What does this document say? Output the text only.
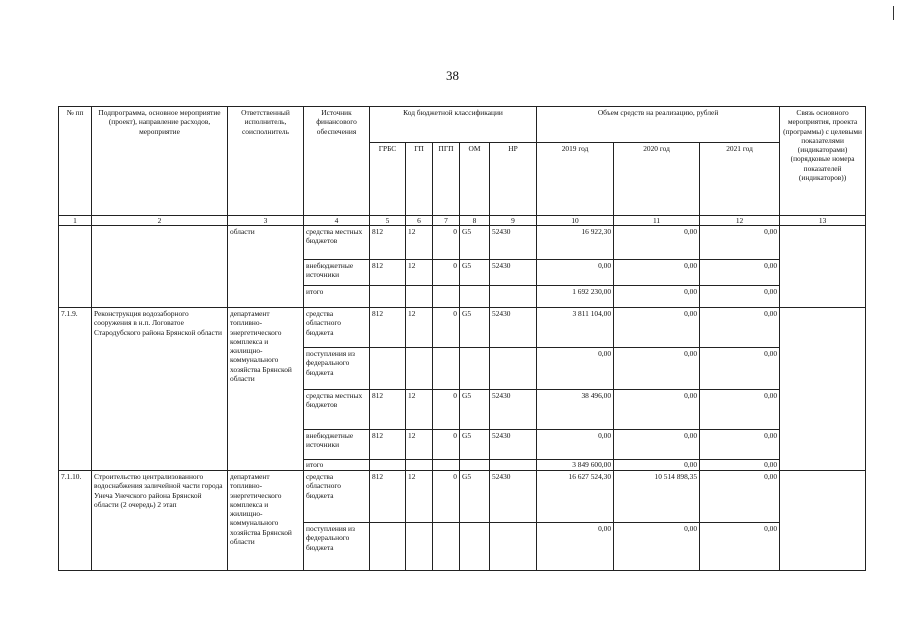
38
№ пп	Подпрограмма, основное мероприятие (проект), направление расходов, мероприятие	Ответственный исполнитель, соисполнитель	Источник финансового обеспечения	Код бюджетной классификации					Объем средств на реализацию, рублей			Связь основного мероприятия, проекта (программы) с целевыми показателями (индикаторами) (порядковые номера показателей (индикаторов))
				ГРБС	ГП	ПГП	ОМ	НР	2019 год	2020 год	2021 год	
1	2	3	4	5	6	7	8	9	10	11	12	13
		области	средства местных бюджетов	812	12	0	G5	52430	16 922,30	0,00	0,00	
			внебюджетные источники	812	12	0	G5	52430	0,00	0,00	0,00	
			итого						1 692 230,00	0,00	0,00	
7.1.9.	Реконструкция водозаборного сооружения в н.п. Логоватое Стародубского района Брянской области	департамент топливно-энергетического комплекса и жилищно-коммунального хозяйства Брянской области	средства областного бюджета	812	12	0	G5	52430	3 811 104,00	0,00	0,00	
			поступления из федерального бюджета						0,00	0,00	0,00	
			средства местных бюджетов	812	12	0	G5	52430	38 496,00	0,00	0,00	
			внебюджетные источники	812	12	0	G5	52430	0,00	0,00	0,00	
			итого						3 849 600,00	0,00	0,00	
7.1.10.	Строительство централизованного водоснабжения заличейной части города Унеча Унечского района Брянской области (2 очередь) 2 этап	департамент топливно-энергетического комплекса и жилищно-коммунального хозяйства Брянской области	средства областного бюджета	812	12	0	G5	52430	16 627 524,30	10 514 898,35	0,00	
			поступления из федерального бюджета						0,00	0,00	0,00	
